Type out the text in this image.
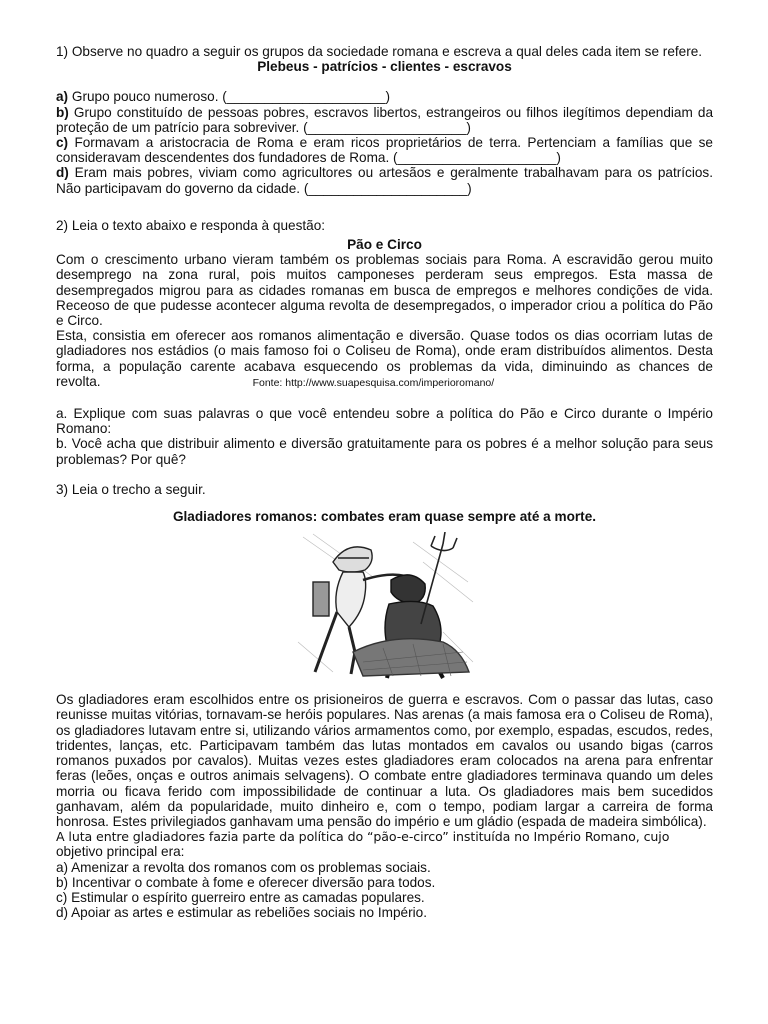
1) Observe no quadro a seguir os grupos da sociedade romana e escreva a qual deles cada item se refere.

Plebeus - patrícios - clientes - escravos

a) Grupo pouco numeroso. (_____________________)

b) Grupo constituído de pessoas pobres, escravos libertos, estrangeiros ou filhos ilegítimos dependiam da proteção de um patrício para sobreviver. (_____________________)

c) Formavam a aristocracia de Roma e eram ricos proprietários de terra. Pertenciam a famílias que se consideravam descendentes dos fundadores de Roma. (_____________________)

d) Eram mais pobres, viviam como agricultores ou artesãos e geralmente trabalhavam para os patrícios. Não participavam do governo da cidade. (_____________________)

2) Leia o texto abaixo e responda à questão:

Pão e Circo

Com o crescimento urbano vieram também os problemas sociais para Roma. A escravidão gerou muito desemprego na zona rural, pois muitos camponeses perderam seus empregos. Esta massa de desempregados migrou para as cidades romanas em busca de empregos e melhores condições de vida. Receoso de que pudesse acontecer alguma revolta de desempregados, o imperador criou a política do Pão e Circo.

Esta, consistia em oferecer aos romanos alimentação e diversão. Quase todos os dias ocorriam lutas de gladiadores nos estádios (o mais famoso foi o Coliseu de Roma), onde eram distribuídos alimentos. Desta forma, a população carente acabava esquecendo os problemas da vida, diminuindo as chances de revolta.	Fonte: http://www.suapesquisa.com/imperioromano/

a. Explique com suas palavras o que você entendeu sobre a política do Pão e Circo durante o Império Romano:

b. Você acha que distribuir alimento e diversão gratuitamente para os pobres é a melhor solução para seus problemas? Por quê?

3) Leia o trecho a seguir.

Gladiadores romanos: combates eram quase sempre até a morte.

Os gladiadores eram escolhidos entre os prisioneiros de guerra e escravos. Com o passar das lutas, caso reunisse muitas vitórias, tornavam-se heróis populares. Nas arenas (a mais famosa era o Coliseu de Roma), os gladiadores lutavam entre si, utilizando vários armamentos como, por exemplo, espadas, escudos, redes, tridentes, lanças, etc. Participavam também das lutas montados em cavalos ou usando bigas (carros romanos puxados por cavalos). Muitas vezes estes gladiadores eram colocados na arena para enfrentar feras (leões, onças e outros animais selvagens). O combate entre gladiadores terminava quando um deles morria ou ficava ferido com impossibilidade de continuar a luta. Os gladiadores mais bem sucedidos ganhavam, além da popularidade, muito dinheiro e, com o tempo, podiam largar a carreira de forma honrosa. Estes privilegiados ganhavam uma pensão do império e um gládio (espada de madeira simbólica).

A luta entre gladiadores fazia parte da política do “pão-e-circo” instituída no Império Romano, cujo

objetivo principal era:

a) Amenizar a revolta dos romanos com os problemas sociais.

b) Incentivar o combate à fome e oferecer diversão para todos.

c) Estimular o espírito guerreiro entre as camadas populares.

d) Apoiar as artes e estimular as rebeliões sociais no Império.
